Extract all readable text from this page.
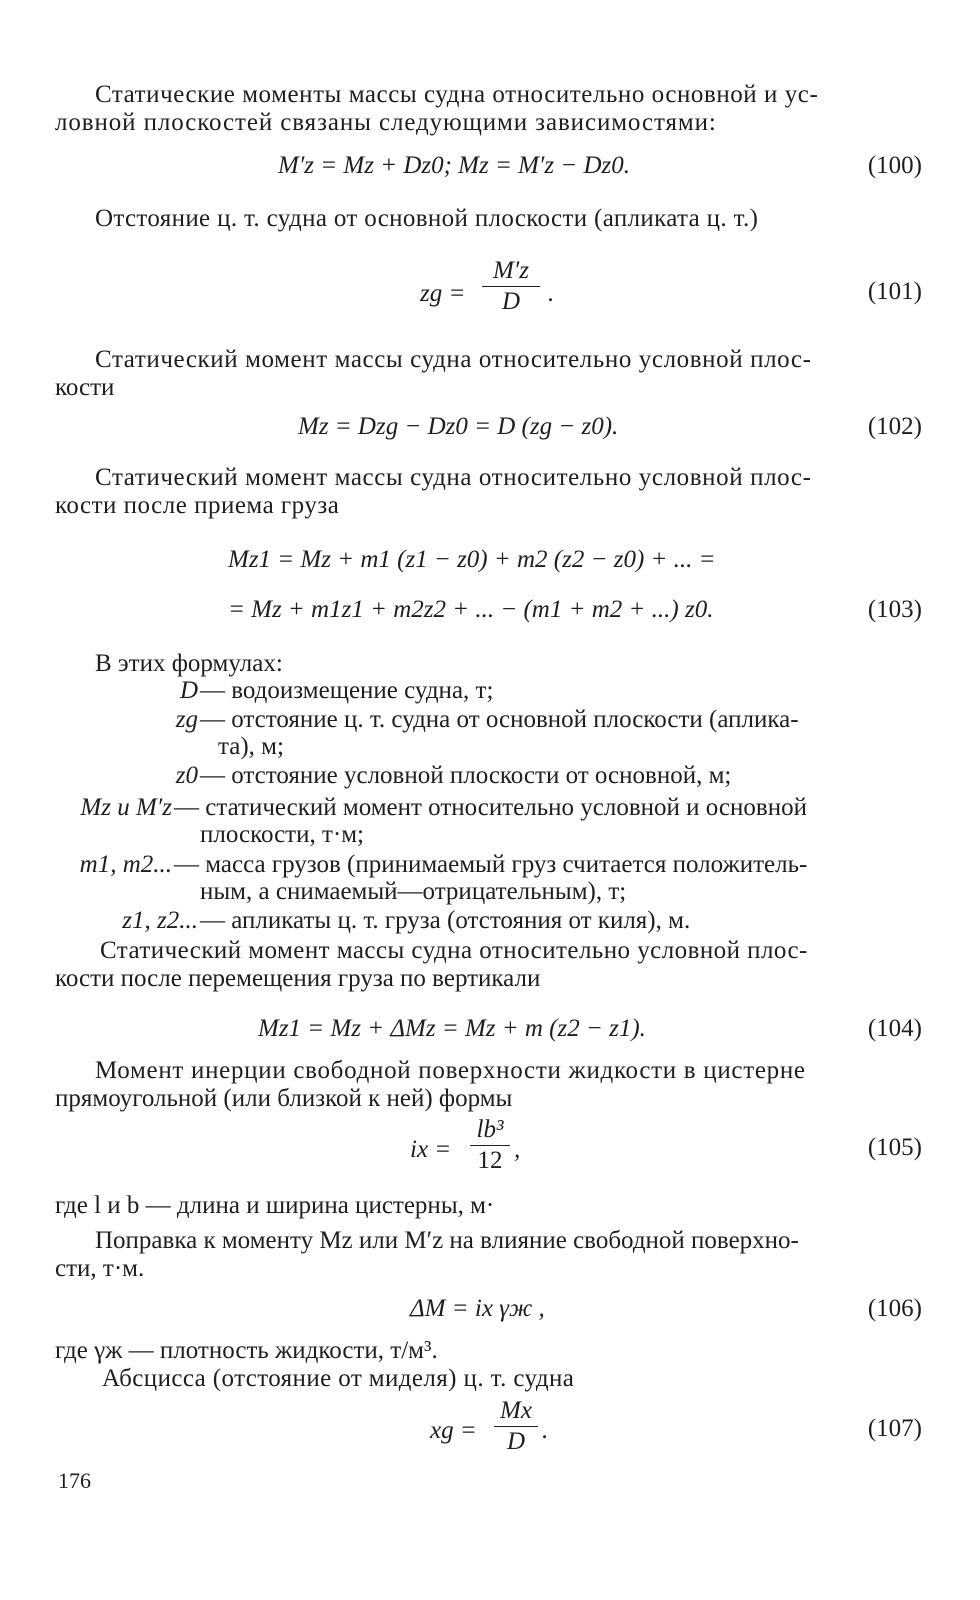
Статические моменты массы судна относительно основной и ус-
ловной плоскостей связаны следующими зависимостями:
M′z = Mz + Dz0; Mz = M′z − Dz0.	(100)
Отстояние ц. т. судна от основной плоскости (апликата ц. т.)
zg =
M′z
D	.	(101)
Статический момент массы судна относительно условной плос-
кости
Mz = Dzg − Dz0 = D (zg − z0).	(102)
Статический момент массы судна относительно условной плос-
кости после приема груза
Mz1 = Mz + m1 (z1 − z0) + m2 (z2 − z0) + ... =
= Mz + m1z1 + m2z2 + ... − (m1 + m2 + ...) z0.	(103)
В этих формулах:
D — водоизмещение судна, т;
zg — отстояние ц. т. судна от основной плоскости (аплика-
та), м;
z0 — отстояние условной плоскости от основной, м;
Mz и M′z — статический момент относительно условной и основной
плоскости, т·м;
m1, m2... — масса грузов (принимаемый груз считается положитель-
ным, а снимаемый—отрицательным), т;
z1, z2... — апликаты ц. т. груза (отстояния от киля), м.
Статический момент массы судна относительно условной плос-
кости после перемещения груза по вертикали
Mz1 = Mz + ΔMz = Mz + m (z2 − z1).	(104)
Момент инерции свободной поверхности жидкости в цистерне
прямоугольной (или близкой к ней) формы
ix =
lb³
12 ,	(105)
где l и b — длина и ширина цистерны, м·
Поправка к моменту Mz или M′z на влияние свободной поверхно-
сти, т·м.
ΔM = ix γж ,	(106)
где γж — плотность жидкости, т/м³.
Абсцисса (отстояние от миделя) ц. т. судна
xg =
Mx
D .	(107)
176
